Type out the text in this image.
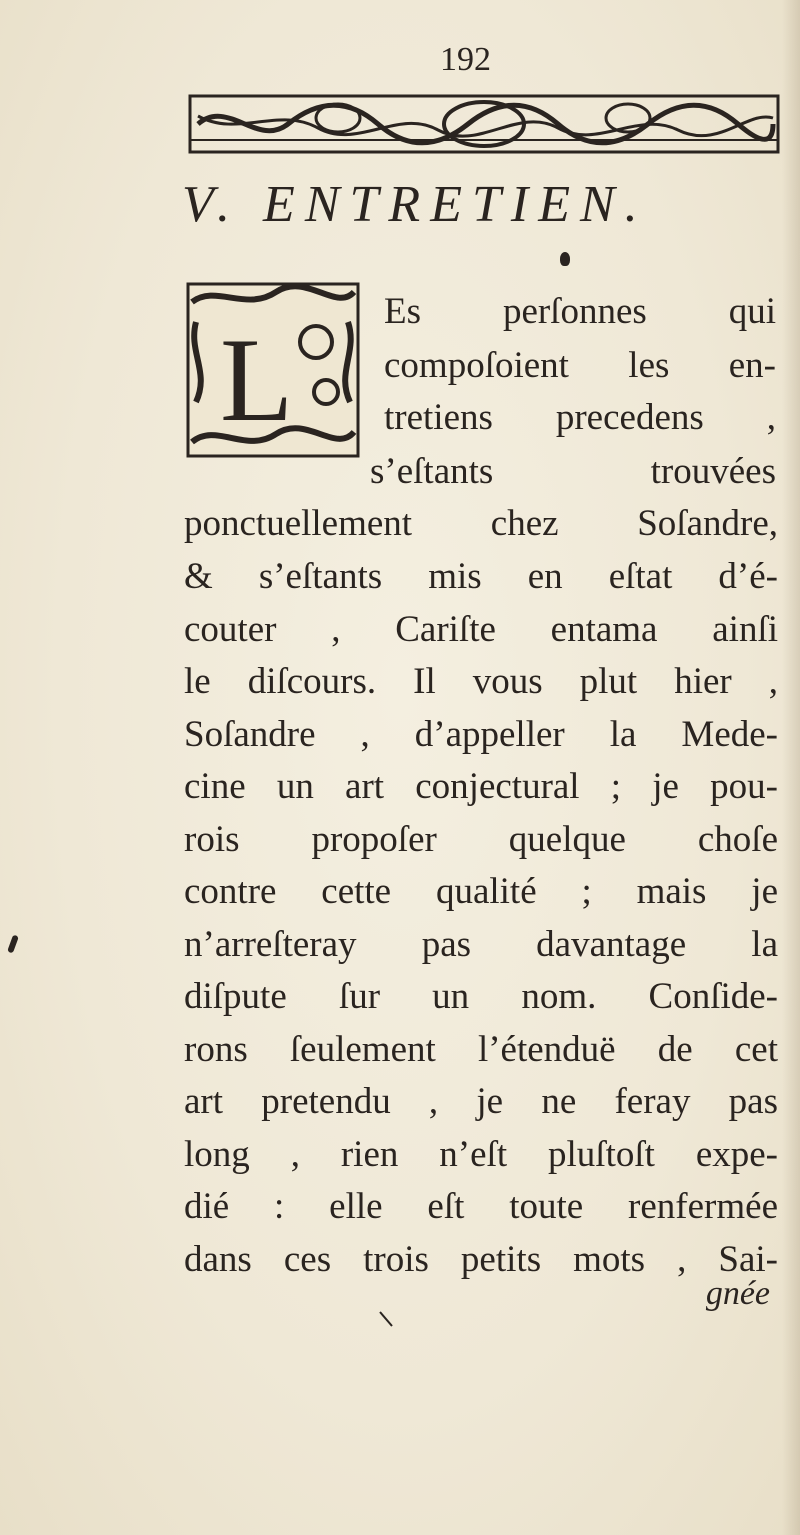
192
V. ENTRETIEN.
L
Es perſonnes qui
compoſoient les en-
tretiens precedens ,
s’eſtants trouvées
ponctuellement chez Soſandre,
& s’eſtants mis en eſtat d’é-
couter , Cariſte entama ainſi
le diſcours. Il vous plut hier ,
Soſandre , d’appeller la Mede-
cine un art conjectural ; je pou-
rois propoſer quelque choſe
contre cette qualité ; mais je
n’arreſteray pas davantage la
diſpute ſur un nom. Conſide-
rons ſeulement l’étenduë de cet
art pretendu , je ne feray pas
long , rien n’eſt pluſtoſt expe-
dié : elle eſt toute renfermée
dans ces trois petits mots , Sai-
gnée
